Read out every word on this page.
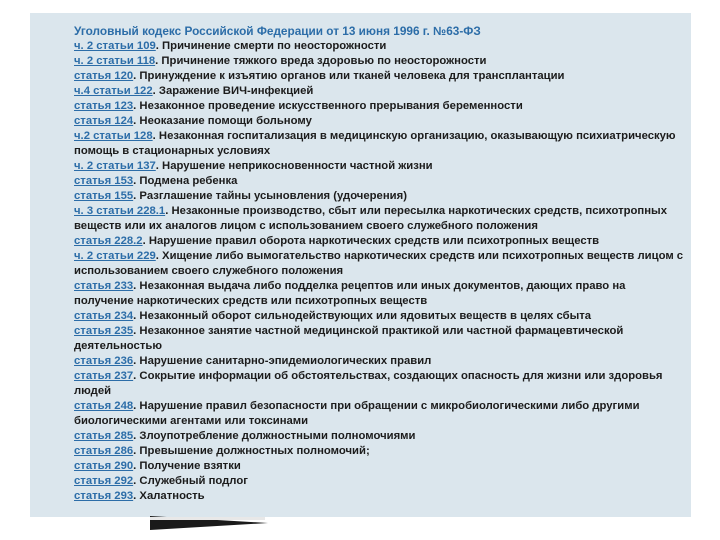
Уголовный кодекс Российской Федерации от 13 июня 1996 г. №63-ФЗ
ч. 2 статьи 109. Причинение смерти по неосторожности
ч. 2 статьи 118. Причинение тяжкого вреда здоровью по неосторожности
статья 120. Принуждение к изъятию органов или тканей человека для трансплантации
ч.4 статьи 122. Заражение ВИЧ-инфекцией
статья 123. Незаконное проведение искусственного прерывания беременности
статья 124. Неоказание помощи больному
ч.2 статьи 128. Незаконная госпитализация в медицинскую организацию, оказывающую психиатрическую помощь в стационарных условиях
ч. 2 статьи 137. Нарушение неприкосновенности частной жизни
статья 153. Подмена ребенка
статья 155. Разглашение тайны усыновления (удочерения)
ч. 3 статьи 228.1. Незаконные производство, сбыт или пересылка наркотических средств, психотропных веществ или их аналогов лицом с использованием своего служебного положения
статья 228.2. Нарушение правил оборота наркотических средств или психотропных веществ
ч. 2 статьи 229. Хищение либо вымогательство наркотических средств или психотропных веществ лицом с использованием своего служебного положения
статья 233. Незаконная выдача либо подделка рецептов или иных документов, дающих право на получение наркотических средств или психотропных веществ
статья 234. Незаконный оборот сильнодействующих или ядовитых веществ в целях сбыта
статья 235. Незаконное занятие частной медицинской практикой или частной фармацевтической деятельностью
статья 236. Нарушение санитарно-эпидемиологических правил
статья 237. Сокрытие информации об обстоятельствах, создающих опасность для жизни или здоровья людей
статья 248. Нарушение правил безопасности при обращении с микробиологическими либо другими биологическими агентами или токсинами
статья 285. Злоупотребление должностными полномочиями
статья 286. Превышение должностных полномочий;
статья 290. Получение взятки
статья 292. Служебный подлог
статья 293. Халатность
